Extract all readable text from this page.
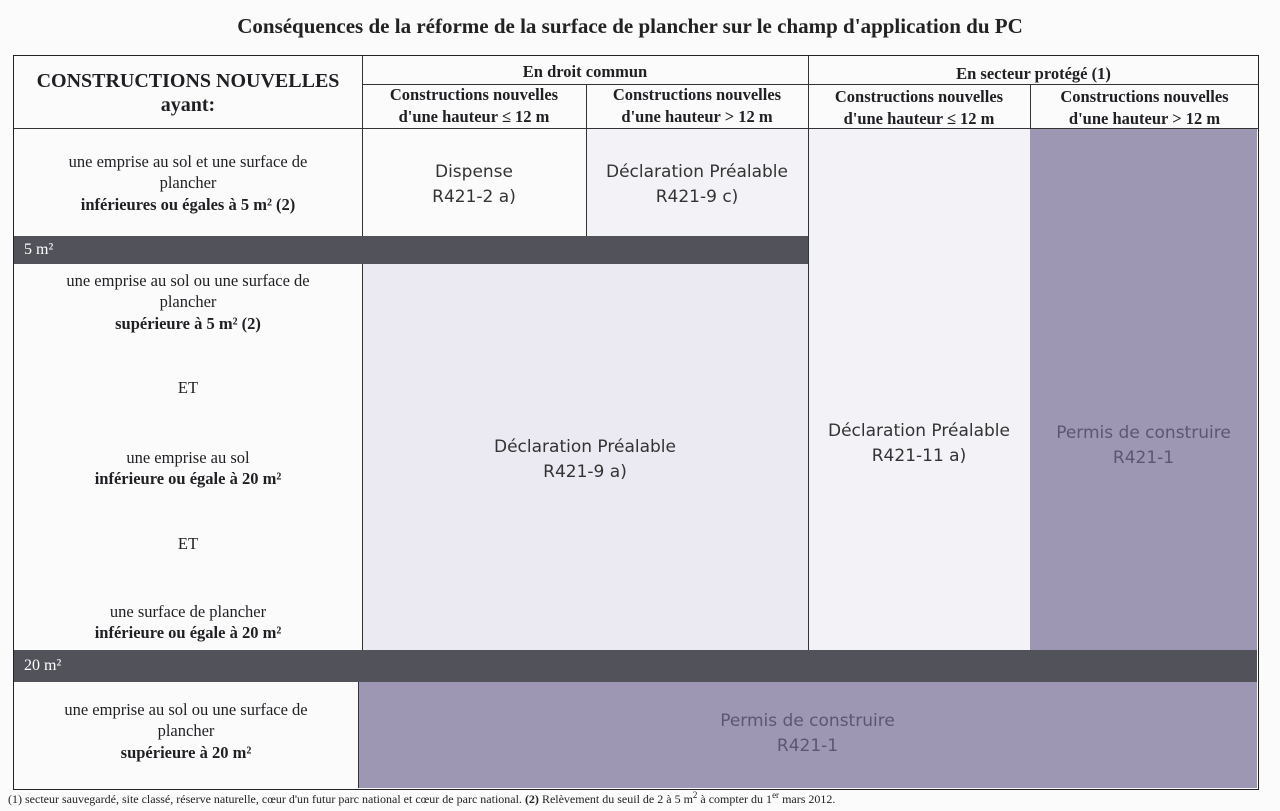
Conséquences de la réforme de la surface de plancher sur le champ d'application du PC
5 m²
20 m²
CONSTRUCTIONS NOUVELLES
ayant:
En droit commun	En secteur protégé (1)
Constructions nouvelles
d'une hauteur ≤ 12 m
Constructions nouvelles
d'une hauteur > 12 m
Constructions nouvelles
d'une hauteur ≤ 12 m
Constructions nouvelles
d'une hauteur > 12 m
une emprise au sol et une surface de plancher
inférieures ou égales à 5 m² (2)
une emprise au sol ou une surface de plancher
supérieure à 5 m² (2)
ET
une emprise au sol
inférieure ou égale à 20 m²
ET
une surface de plancher
inférieure ou égale à 20 m²
une emprise au sol ou une surface de plancher
supérieure à 20 m²
Dispense
R421-2 a)
Déclaration Préalable
R421-9 c)
Déclaration Préalable
R421-9 a)
Déclaration Préalable
R421-11 a)
Permis de construire
R421-1
Permis de construire
R421-1
(1) secteur sauvegardé, site classé, réserve naturelle, cœur d'un futur parc national et cœur de parc national. (2) Relèvement du seuil de 2 à 5 $m^2$ à compter du 1er mars 2012.
